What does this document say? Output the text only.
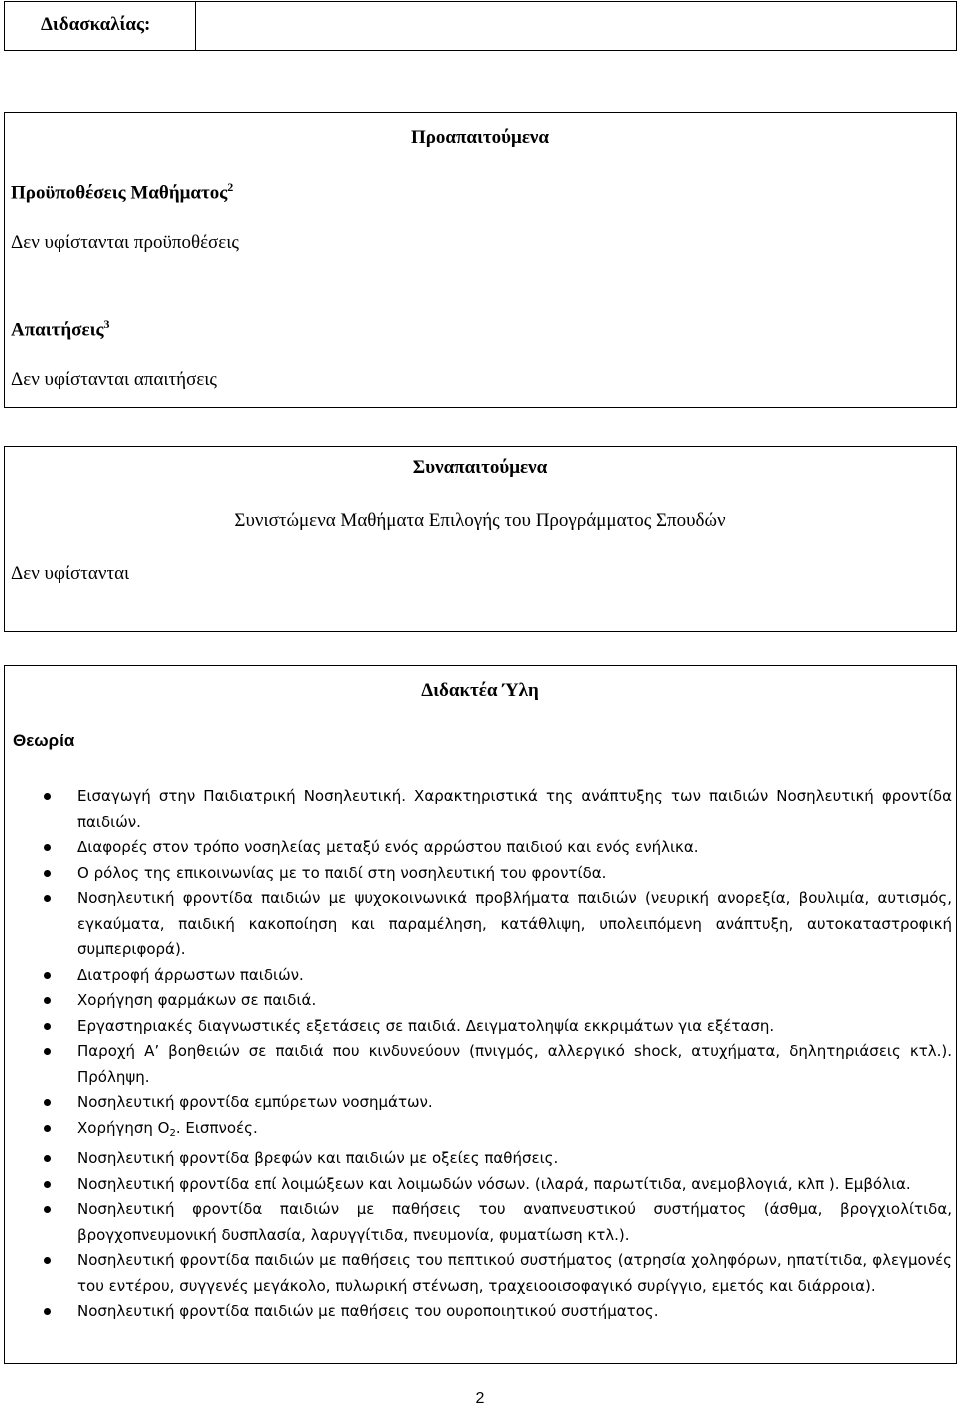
Διδασκαλίας:
Προαπαιτούμενα
Προϋποθέσεις Μαθήματος$^2$
Δεν υφίστανται προϋποθέσεις
Απαιτήσεις$^3$
Δεν υφίστανται απαιτήσεις
Συναπαιτούμενα
Συνιστώμενα Μαθήματα Επιλογής του Προγράμματος Σπουδών
Δεν υφίστανται
Διδακτέα Ύλη
Θεωρία
Εισαγωγή στην Παιδιατρική Νοσηλευτική. Χαρακτηριστικά της ανάπτυξης των παιδιών Νοσηλευτική φροντίδα παιδιών.
Διαφορές στον τρόπο νοσηλείας μεταξύ ενός αρρώστου παιδιού και ενός ενήλικα.
Ο ρόλος της επικοινωνίας με το παιδί στη νοσηλευτική του φροντίδα.
Νοσηλευτική φροντίδα παιδιών με ψυχοκοινωνικά προβλήματα παιδιών (νευρική ανορεξία, βουλιμία, αυτισμός, εγκαύματα, παιδική κακοποίηση και παραμέληση, κατάθλιψη, υπολειπόμενη ανάπτυξη, αυτοκαταστροφική συμπεριφορά).
Διατροφή άρρωστων παιδιών.
Χορήγηση φαρμάκων σε παιδιά.
Εργαστηριακές διαγνωστικές εξετάσεις σε παιδιά. Δειγματοληψία εκκριμάτων για εξέταση.
Παροχή Α’ βοηθειών σε παιδιά που κινδυνεύουν (πνιγμός, αλλεργικό shock, ατυχήματα, δηλητηριάσεις κτλ.). Πρόληψη.
Νοσηλευτική φροντίδα εμπύρετων νοσημάτων.
Χορήγηση $O_2$. Εισπνοές.
Νοσηλευτική φροντίδα βρεφών και παιδιών με οξείες παθήσεις.
Νοσηλευτική φροντίδα επί λοιμώξεων και λοιμωδών νόσων. (ιλαρά, παρωτίτιδα, ανεμοβλογιά, κλπ ). Εμβόλια.
Νοσηλευτική φροντίδα παιδιών με παθήσεις του αναπνευστικού συστήματος (άσθμα, βρογχιολίτιδα, βρογχοπνευμονική δυσπλασία, λαρυγγίτιδα, πνευμονία, φυματίωση κτλ.).
Νοσηλευτική φροντίδα παιδιών με παθήσεις του πεπτικού συστήματος (ατρησία χοληφόρων, ηπατίτιδα, φλεγμονές του εντέρου, συγγενές μεγάκολο, πυλωρική στένωση, τραχειοοισοφαγικό συρίγγιο, εμετός και διάρροια).
Νοσηλευτική φροντίδα παιδιών με παθήσεις του ουροποιητικού συστήματος.
2
